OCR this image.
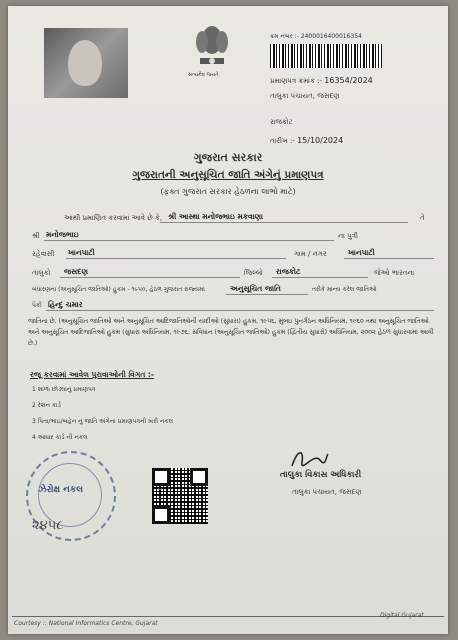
સત્યમેવ જયતે
ક્રમ નંબર :- 2400016400016354
પ્રમાણપત્ર ક્રમાંક :- 16354/2024
તાલુકા પંચાયત, જસદણ
રાજકોટ
તારીખ :- 15/10/2024
ગુજરાત સરકાર
ગુજરાતની અનુસૂચિત જાતિ અંગેનું પ્રમાણપત્ર
(ફક્ત ગુજરાત સરકાર હેઠળના લાભો માટે)
આથી પ્રમાણિત કરવામાં આવે છે કે, શ્રી આસ્થા મનોજભાઇ મકવાણા	તે
શ્રી મનોજભાઇ	ના પુત્રી
રહેવાસી ખાનપાટી	ગામ / નગર	ખાનપાટી
તાલુકો જસદણ	જિલ્લો રાજકોટ	જેઓ ભારતના
બંધારણના (અનુસૂચિત જાતિઓ) હુકમ - ૧૯૫૦, હેઠળ ગુજરાત રાજ્યમાં	અનુસૂચિત જાતિ	તરીકે માન્ય કરેલ જાતિઓ
પૈકી હિન્દુ ચમાર
જાતિના છે. (અનુસૂચિત જાતિઓ અને અનુસૂચિત આદિજાતિઓની યાદીઓ (સુધારા) હુકમ, ૧૯૫૬, મુંબઇ પુનર્ગઠન અધિનિયમ, ૧૯૬૦ તથા અનુસૂચિત જાતિઓ અને અનુસૂચિત આદિજાતિઓ હુકમ (સુધારા અધિનિયમ, ૧૯૭૬, સંવિધાન (અનુસૂચિત જાતિઓ) હુકમ (દ્વિતીય સુધારો) અધિનિયમ, ૨૦૦૨ હેઠળ સુધારવામાં આવી છે.)
રજૂ કરવામાં આવેલ પુરાવાઓની વિગત :-
1 શાળા છોડ્યાનું પ્રમાણપત્ર
2 રેશન કાર્ડ
3 પિતા/ભાઇ/બહેન નું જાતિ અંગેના પ્રમાણપત્રની ખરી નકલ
4 આધાર કાર્ડ ની નકલ
ઝેરોક્ષ નકલ
૨૪૫૮
તાલુકા વિકાસ અધિકારી
તાલુકા પંચાયત, જસદણ
Courtesy :: National Informatics Centre, Gujarat
Digital Gujarat
